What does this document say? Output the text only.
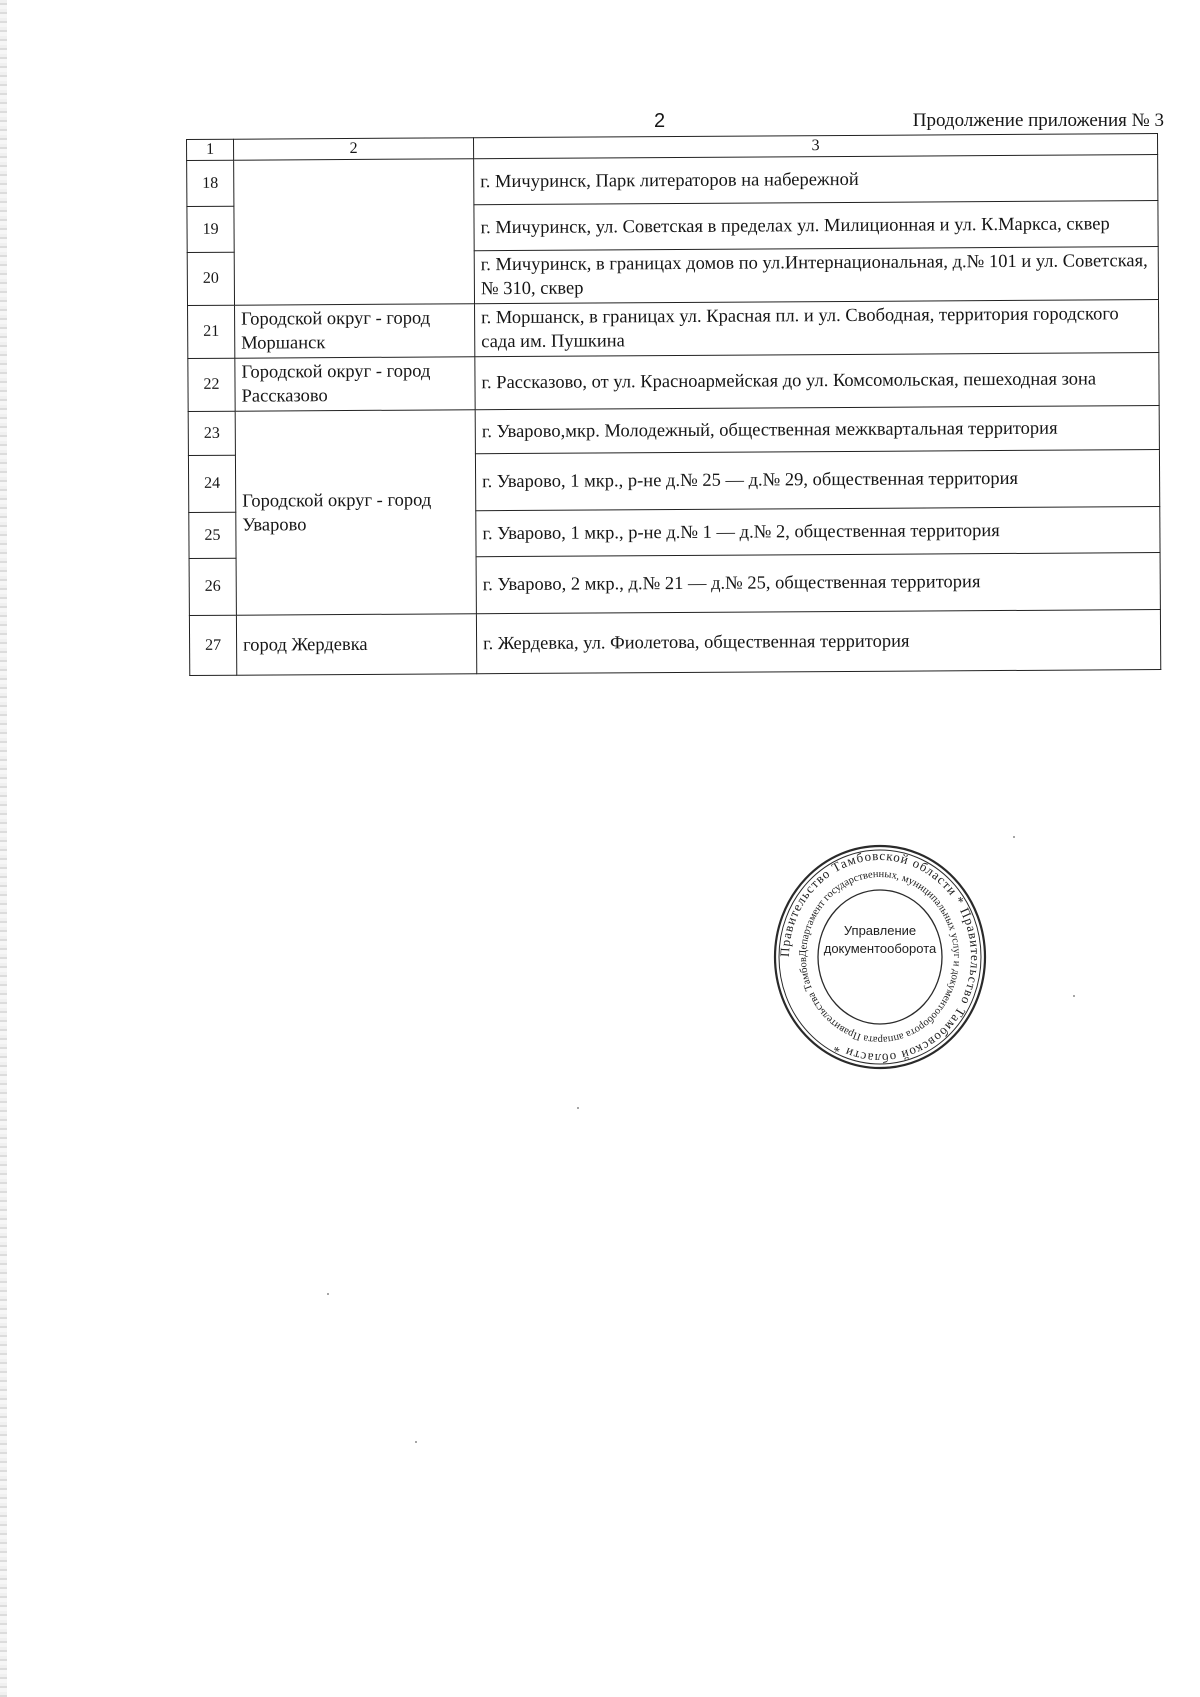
2	Продолжение приложения № 3
1	2	3
18		г. Мичуринск, Парк литераторов на набережной
19		г. Мичуринск, ул. Советская в пределах ул. Милиционная и ул. К.Маркса, сквер
20		г. Мичуринск, в границах домов по ул.Интернациональная, д.№ 101 и ул. Советская, № 310, сквер
21	Городской округ - город Моршанск	г. Моршанск, в границах ул. Красная пл. и ул. Свободная, территория городского сада им. Пушкина
22	Городской округ - город Рассказово	г. Рассказово, от ул. Красноармейская до ул. Комсомольская, пешеходная зона
23	Городской округ - город Уварово	г. Уварово,мкр. Молодежный, общественная межквартальная территория
24		г. Уварово, 1 мкр., р-не д.№ 25 — д.№ 29, общественная территория
25		г. Уварово, 1 мкр., р-не д.№ 1 — д.№ 2, общественная территория
26		г. Уварово, 2 мкр., д.№ 21 — д.№ 25, общественная территория
27	город Жердевка	г. Жердевка, ул. Фиолетова, общественная территория
Правительство Тамбовской области * Правительство Тамбовской области *
Департамент государственных, муниципальных услуг и документооборота аппарата Правительства Тамбов
Управление
документооборота
